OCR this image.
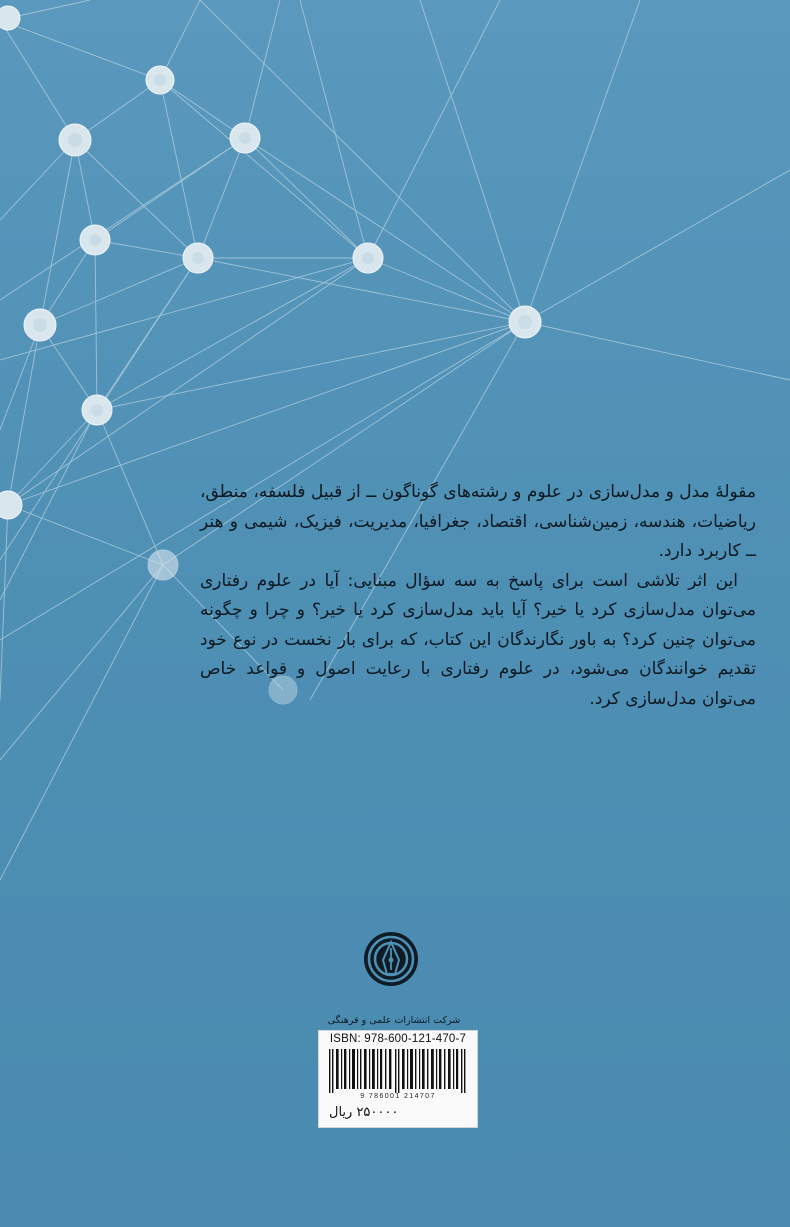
مقولهٔ مدل و مدل‌سازی در علوم و رشته‌های گوناگون ــ از قبیل فلسفه، منطق، ریاضیات، هندسه، زمین‌شناسی، اقتصاد، جغرافیا، مدیریت، فیزیک، شیمی و هنر ــ کاربرد دارد.

این اثر تلاشی است برای پاسخ به سه سؤال مبنایی: آیا در علوم رفتاری می‌توان مدل‌سازی کرد یا خیر؟ آیا باید مدل‌سازی کرد یا خیر؟ و چرا و چگونه می‌توان چنین کرد؟ به باور نگارندگان این کتاب، که برای بار نخست در نوع خود تقدیم خوانندگان می‌شود، در علوم رفتاری با رعایت اصول و قواعد خاص می‌توان مدل‌سازی کرد.

شرکت انتشارات علمی و فرهنگی
ISBN: 978-600-121-470-7
9 786001 214707
۲۵۰۰۰۰ ریال
